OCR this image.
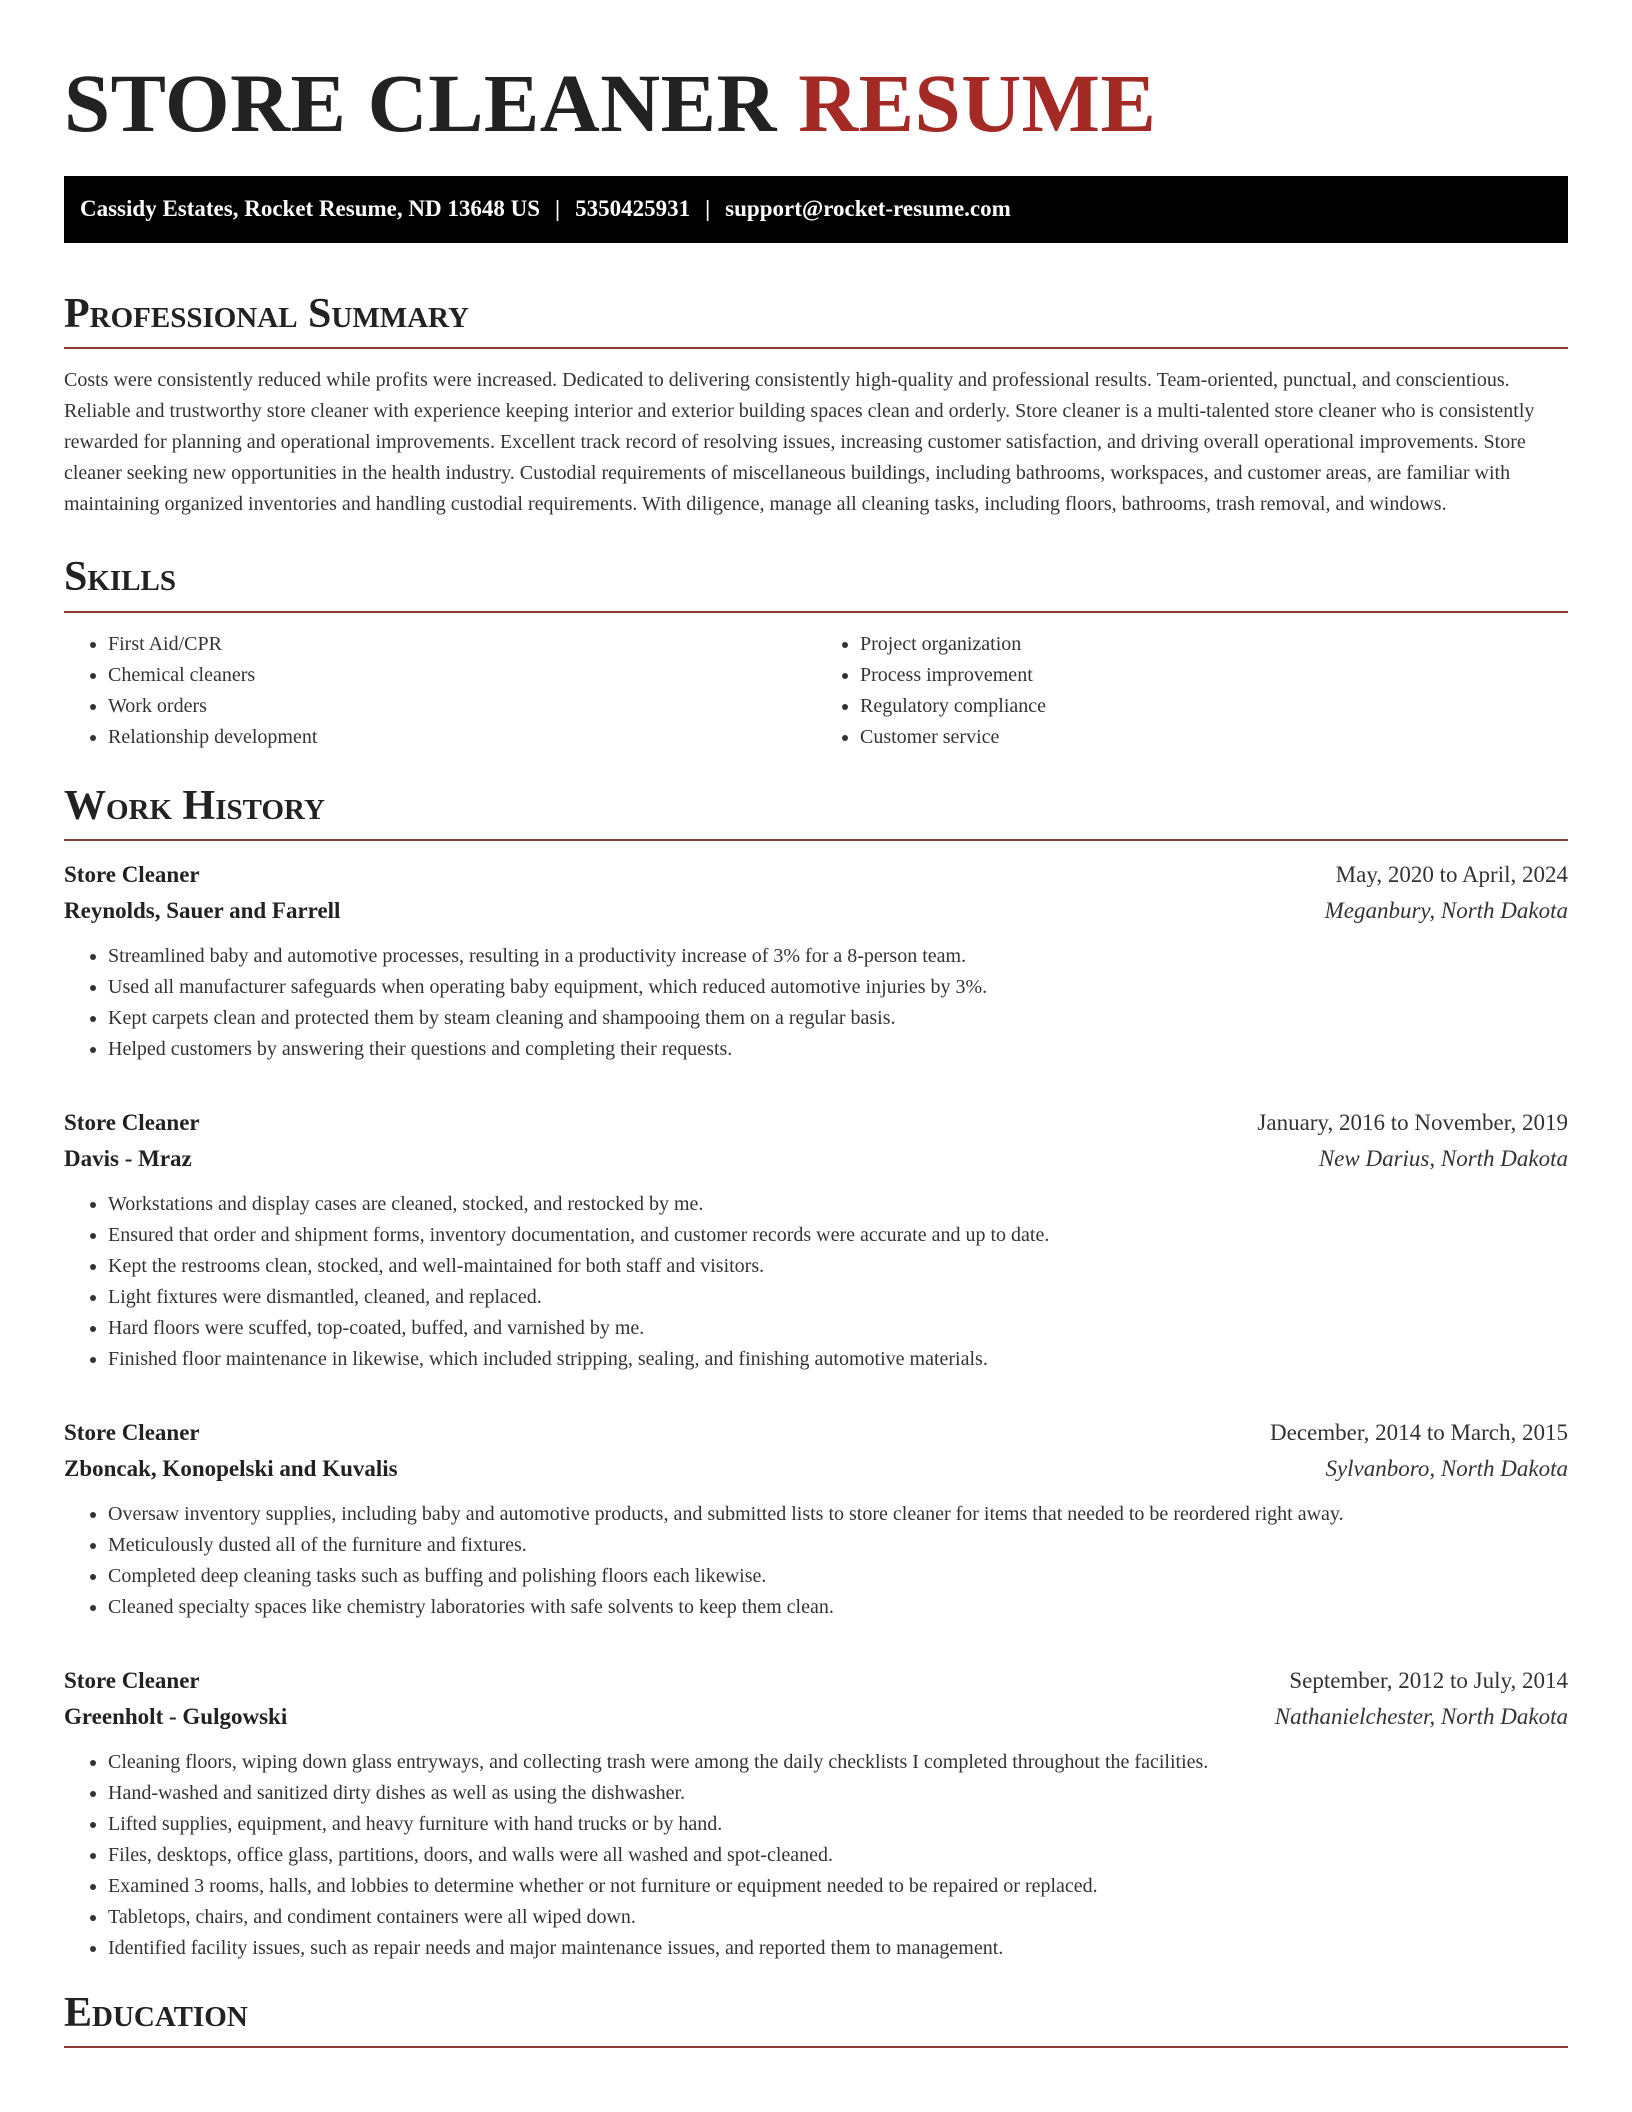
STORE CLEANER RESUME
Cassidy Estates, Rocket Resume, ND 13648 US | 5350425931 | support@rocket-resume.com
Professional Summary

Costs were consistently reduced while profits were increased. Dedicated to delivering consistently high-quality and professional results. Team-oriented, punctual, and conscientious. Reliable and trustworthy store cleaner with experience keeping interior and exterior building spaces clean and orderly. Store cleaner is a multi-talented store cleaner who is consistently rewarded for planning and operational improvements. Excellent track record of resolving issues, increasing customer satisfaction, and driving overall operational improvements. Store cleaner seeking new opportunities in the health industry. Custodial requirements of miscellaneous buildings, including bathrooms, workspaces, and customer areas, are familiar with maintaining organized inventories and handling custodial requirements. With diligence, manage all cleaning tasks, including floors, bathrooms, trash removal, and windows.

Skills
• First Aid/CPR
• Chemical cleaners
• Work orders
• Relationship development
• Project organization
• Process improvement
• Regulatory compliance
• Customer service
Work History
Store Cleaner	May, 2020 to April, 2024
Reynolds, Sauer and Farrell	Meganbury, North Dakota
• Streamlined baby and automotive processes, resulting in a productivity increase of 3% for a 8-person team.
• Used all manufacturer safeguards when operating baby equipment, which reduced automotive injuries by 3%.
• Kept carpets clean and protected them by steam cleaning and shampooing them on a regular basis.
• Helped customers by answering their questions and completing their requests.
Store Cleaner	January, 2016 to November, 2019
Davis - Mraz	New Darius, North Dakota
• Workstations and display cases are cleaned, stocked, and restocked by me.
• Ensured that order and shipment forms, inventory documentation, and customer records were accurate and up to date.
• Kept the restrooms clean, stocked, and well-maintained for both staff and visitors.
• Light fixtures were dismantled, cleaned, and replaced.
• Hard floors were scuffed, top-coated, buffed, and varnished by me.
• Finished floor maintenance in likewise, which included stripping, sealing, and finishing automotive materials.
Store Cleaner	December, 2014 to March, 2015
Zboncak, Konopelski and Kuvalis	Sylvanboro, North Dakota
• Oversaw inventory supplies, including baby and automotive products, and submitted lists to store cleaner for items that needed to be reordered right away.
• Meticulously dusted all of the furniture and fixtures.
• Completed deep cleaning tasks such as buffing and polishing floors each likewise.
• Cleaned specialty spaces like chemistry laboratories with safe solvents to keep them clean.
Store Cleaner	September, 2012 to July, 2014
Greenholt - Gulgowski	Nathanielchester, North Dakota
• Cleaning floors, wiping down glass entryways, and collecting trash were among the daily checklists I completed throughout the facilities.
• Hand-washed and sanitized dirty dishes as well as using the dishwasher.
• Lifted supplies, equipment, and heavy furniture with hand trucks or by hand.
• Files, desktops, office glass, partitions, doors, and walls were all washed and spot-cleaned.
• Examined 3 rooms, halls, and lobbies to determine whether or not furniture or equipment needed to be repaired or replaced.
• Tabletops, chairs, and condiment containers were all wiped down.
• Identified facility issues, such as repair needs and major maintenance issues, and reported them to management.
Education
